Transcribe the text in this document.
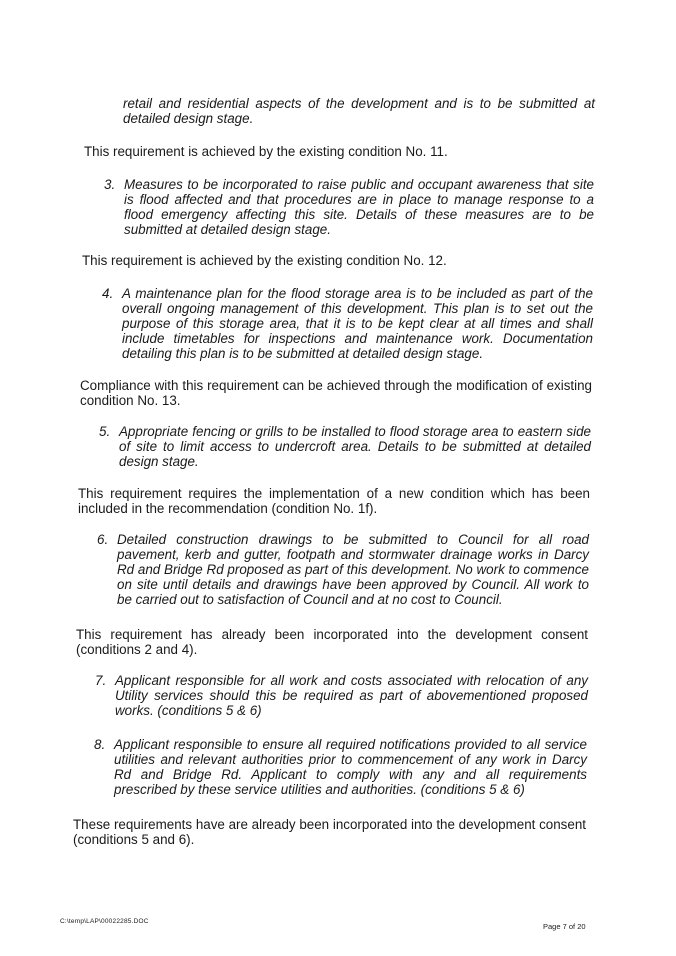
retail and residential aspects of the development and is to be submitted at detailed design stage.
This requirement is achieved by the existing condition No. 11.
3. Measures to be incorporated to raise public and occupant awareness that site is flood affected and that procedures are in place to manage response to a flood emergency affecting this site. Details of these measures are to be submitted at detailed design stage.
This requirement is achieved by the existing condition No. 12.
4. A maintenance plan for the flood storage area is to be included as part of the overall ongoing management of this development. This plan is to set out the purpose of this storage area, that it is to be kept clear at all times and shall include timetables for inspections and maintenance work. Documentation detailing this plan is to be submitted at detailed design stage.
Compliance with this requirement can be achieved through the modification of existing condition No. 13.
5. Appropriate fencing or grills to be installed to flood storage area to eastern side of site to limit access to undercroft area. Details to be submitted at detailed design stage.
This requirement requires the implementation of a new condition which has been included in the recommendation (condition No. 1f).
6. Detailed construction drawings to be submitted to Council for all road pavement, kerb and gutter, footpath and stormwater drainage works in Darcy Rd and Bridge Rd proposed as part of this development. No work to commence on site until details and drawings have been approved by Council. All work to be carried out to satisfaction of Council and at no cost to Council.
This requirement has already been incorporated into the development consent (conditions 2 and 4).
7. Applicant responsible for all work and costs associated with relocation of any Utility services should this be required as part of abovementioned proposed works. (conditions 5 & 6)
8. Applicant responsible to ensure all required notifications provided to all service utilities and relevant authorities prior to commencement of any work in Darcy Rd and Bridge Rd. Applicant to comply with any and all requirements prescribed by these service utilities and authorities. (conditions 5 & 6)
These requirements have are already been incorporated into the development consent (conditions 5 and 6).
C:\temp\LAP\00022285.DOC
Page 7 of 20
